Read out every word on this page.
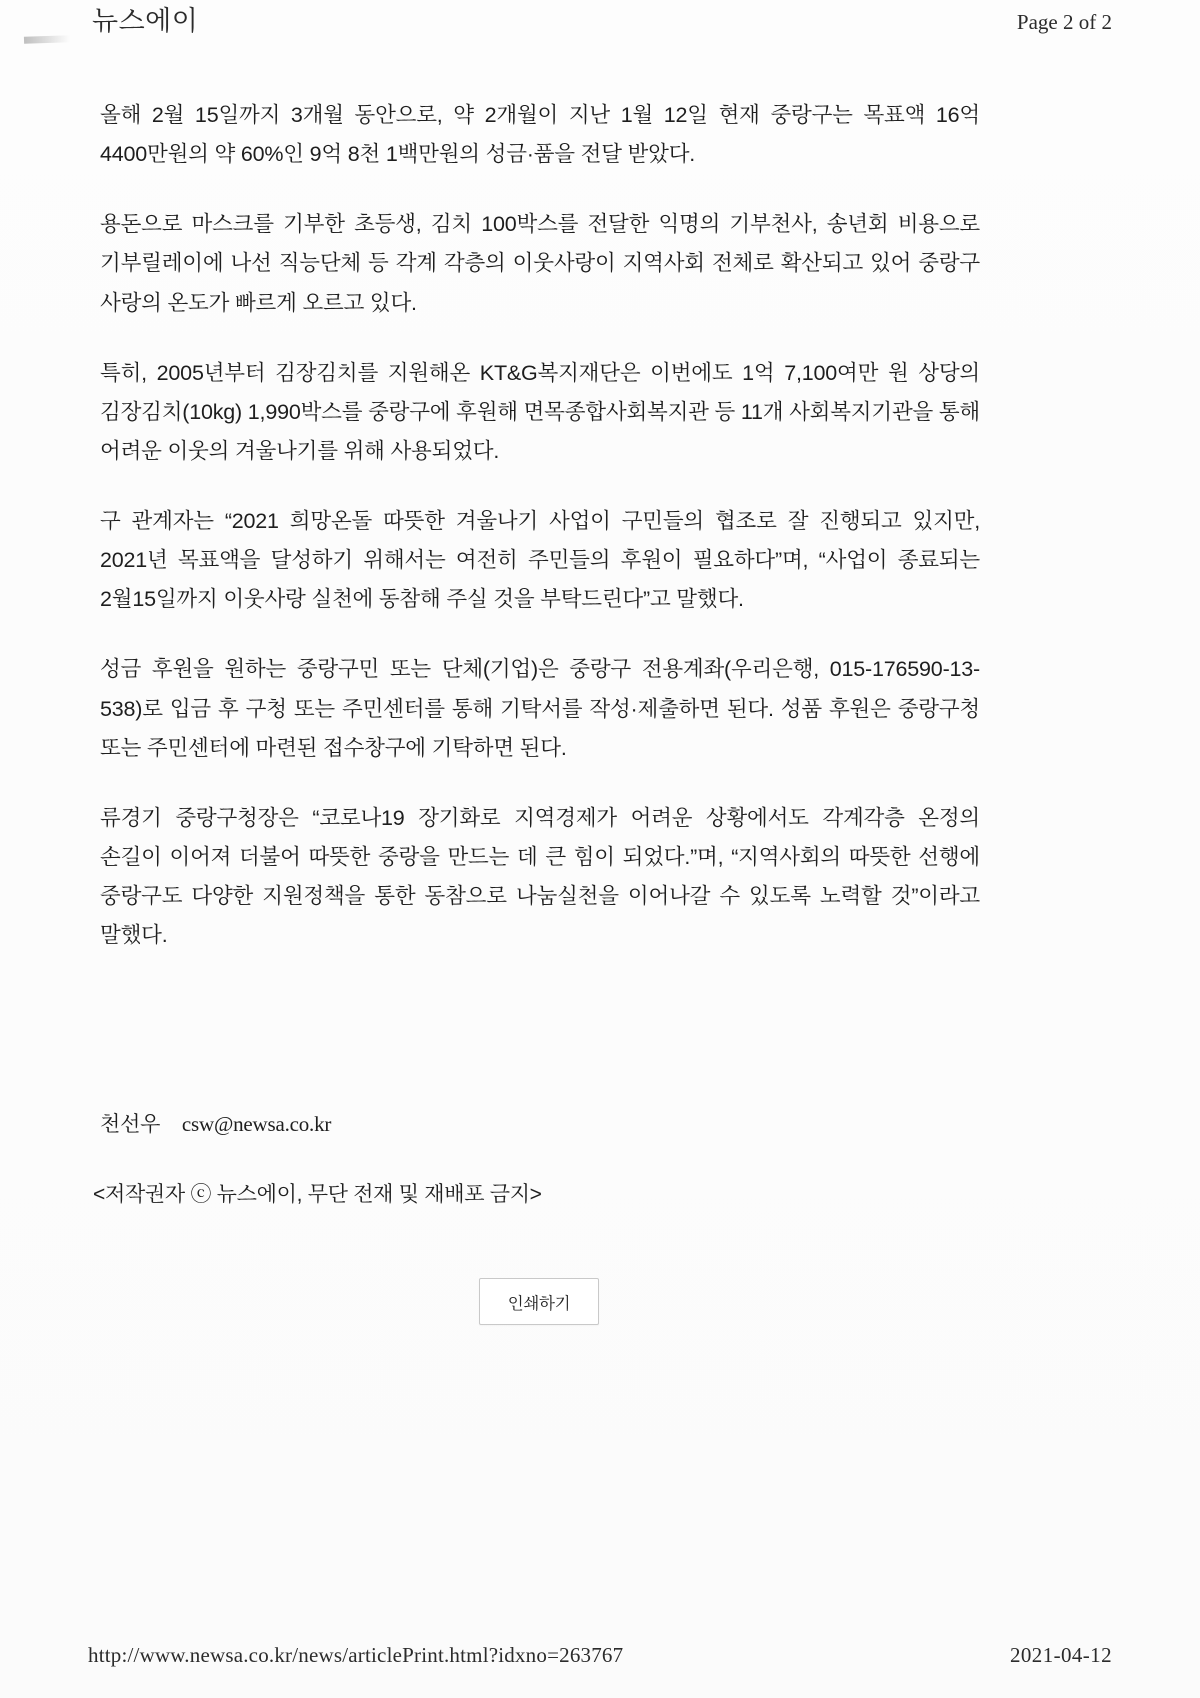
뉴스에이	Page 2 of 2

올해 2월 15일까지 3개월 동안으로, 약 2개월이 지난 1월 12일 현재 중랑구는 목표액 16억 4400만원의 약 60%인 9억 8천 1백만원의 성금·품을 전달 받았다.

용돈으로 마스크를 기부한 초등생, 김치 100박스를 전달한 익명의 기부천사, 송년회 비용으로 기부릴레이에 나선 직능단체 등 각계 각층의 이웃사랑이 지역사회 전체로 확산되고 있어 중랑구 사랑의 온도가 빠르게 오르고 있다.

특히, 2005년부터 김장김치를 지원해온 KT&G복지재단은 이번에도 1억 7,100여만 원 상당의 김장김치(10kg) 1,990박스를 중랑구에 후원해 면목종합사회복지관 등 11개 사회복지기관을 통해 어려운 이웃의 겨울나기를 위해 사용되었다.

구 관계자는 “2021 희망온돌 따뜻한 겨울나기 사업이 구민들의 협조로 잘 진행되고 있지만, 2021년 목표액을 달성하기 위해서는 여전히 주민들의 후원이 필요하다”며, “사업이 종료되는 2월15일까지 이웃사랑 실천에 동참해 주실 것을 부탁드린다”고 말했다.

성금 후원을 원하는 중랑구민 또는 단체(기업)은 중랑구 전용계좌(우리은행, 015-176590-13-538)로 입금 후 구청 또는 주민센터를 통해 기탁서를 작성·제출하면 된다. 성품 후원은 중랑구청 또는 주민센터에 마련된 접수창구에 기탁하면 된다.

류경기 중랑구청장은 “코로나19 장기화로 지역경제가 어려운 상황에서도 각계각층 온정의 손길이 이어져 더불어 따뜻한 중랑을 만드는 데 큰 힘이 되었다.”며, “지역사회의 따뜻한 선행에 중랑구도 다양한 지원정책을 통한 동참으로 나눔실천을 이어나갈 수 있도록 노력할 것”이라고 말했다.

천선우 csw@newsa.co.kr
<저작권자 ⓒ 뉴스에이, 무단 전재 및 재배포 금지>
인쇄하기
http://www.newsa.co.kr/news/articlePrint.html?idxno=263767	2021-04-12
